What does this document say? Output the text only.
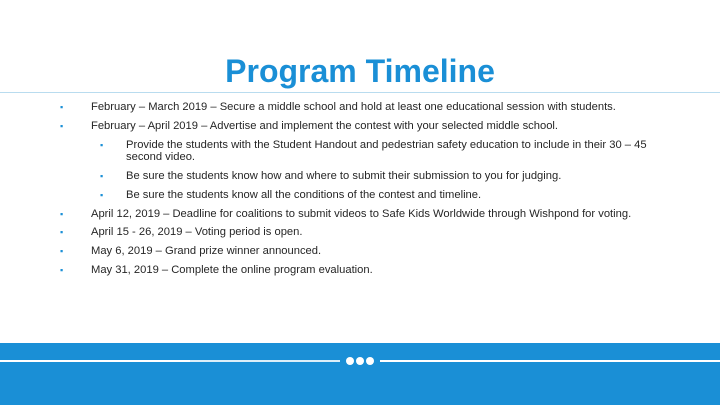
Program Timeline
▪ February – March 2019 – Secure a middle school and hold at least one educational session with students.
▪ February – April 2019 – Advertise and implement the contest with your selected middle school.
▪ Provide the students with the Student Handout and pedestrian safety education to include in their 30 – 45 second video.
▪ Be sure the students know how and where to submit their submission to you for judging.
▪ Be sure the students know all the conditions of the contest and timeline.
▪ April 12, 2019 – Deadline for coalitions to submit videos to Safe Kids Worldwide through Wishpond for voting.
▪ April 15 - 26, 2019 – Voting period is open.
▪ May 6, 2019 – Grand prize winner announced.
▪ May 31, 2019 – Complete the online program evaluation.
